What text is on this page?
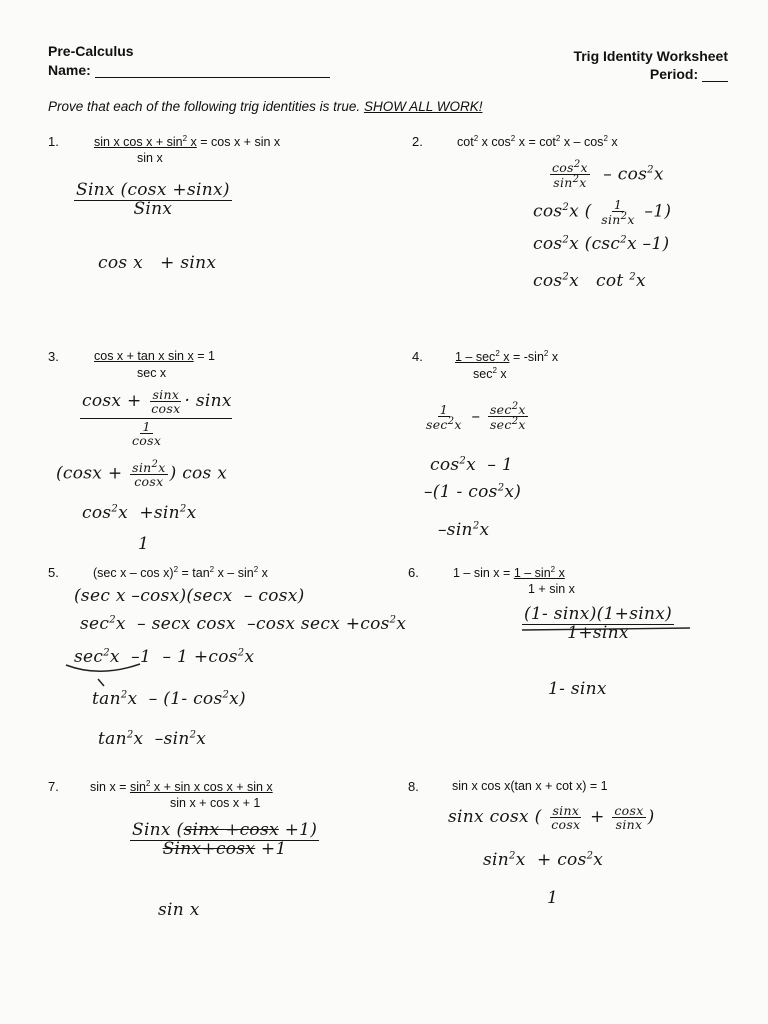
Pre-Calculus
Name:
Trig Identity Worksheet
Period:
Prove that each of the following trig identities is true. SHOW ALL WORK!
1.	sin x $\cos x + \sin^2 x = \cos x + \sin x$
sin x
Sinx (cosx +sinx)
Sinx
cos x   + sinx
2.	$\cot^2 x$ $\cos^2 x = \cot^2 x - \cos^2 x$
$\frac{\cos^2x}{\sin^2x} - \cos^2x$
$\cos^2x$ ( $\frac{1}{\sin^2x} -1$)
$\cos^2x$ ($\csc^2x$ –1)
$\cos^2x$   cot $^2$x
3.	cos x + tan x sin x = 1
sec x
$\cos x + \frac{\sin x}{\cos x} \cdot \sin x$
$\frac{1}{\cos x}$
($\cos x + \frac{\sin^2x}{\cos x}$ ) cos x
$\cos^2x +\sin^2x$
1
4.	$1 - \sec^2 x = -\sin^2$ x
$\sec^2 x$
1
$\sec^2x - \sec^2x$
$\sec^2x$
$\cos^2x - 1$
$-(1 - \cos^2x)$
$-\sin^2x$
5.	(sec $x - \cos x)^2 = \tan^2 x - \sin^2 x$
(sec x –cosx)(secx  – cosx)
$\sec^2x$  – secx cosx  –cosx $\sec x +\cos^2x$
$\sec^2x$  $-1 - 1 +\cos^2x$
$\tan^2x - (1-$ $\cos^2x$)
$\tan^2x$  $-\sin^2x$
6.	$1 - \sin x = 1 - \sin^2 x$
1 + sin x
$\frac{(1- \sin x)(1+\sin x)}{1+\sin x}$
1- sinx
7. $\sin x = \sin^2 x + \sin x$ cos x + sin x
sin x + cos x + 1
Sinx (sinx +cosx +1)
Sinx+cosx +1
sin x
8.	sin x cos x(tan x + cot x) = 1
sinx cosx ( $\frac{\sin x}{\cos x} + \frac{\cos x}{\sin x}$ )
$\sin^2x + \cos^2x$
1
